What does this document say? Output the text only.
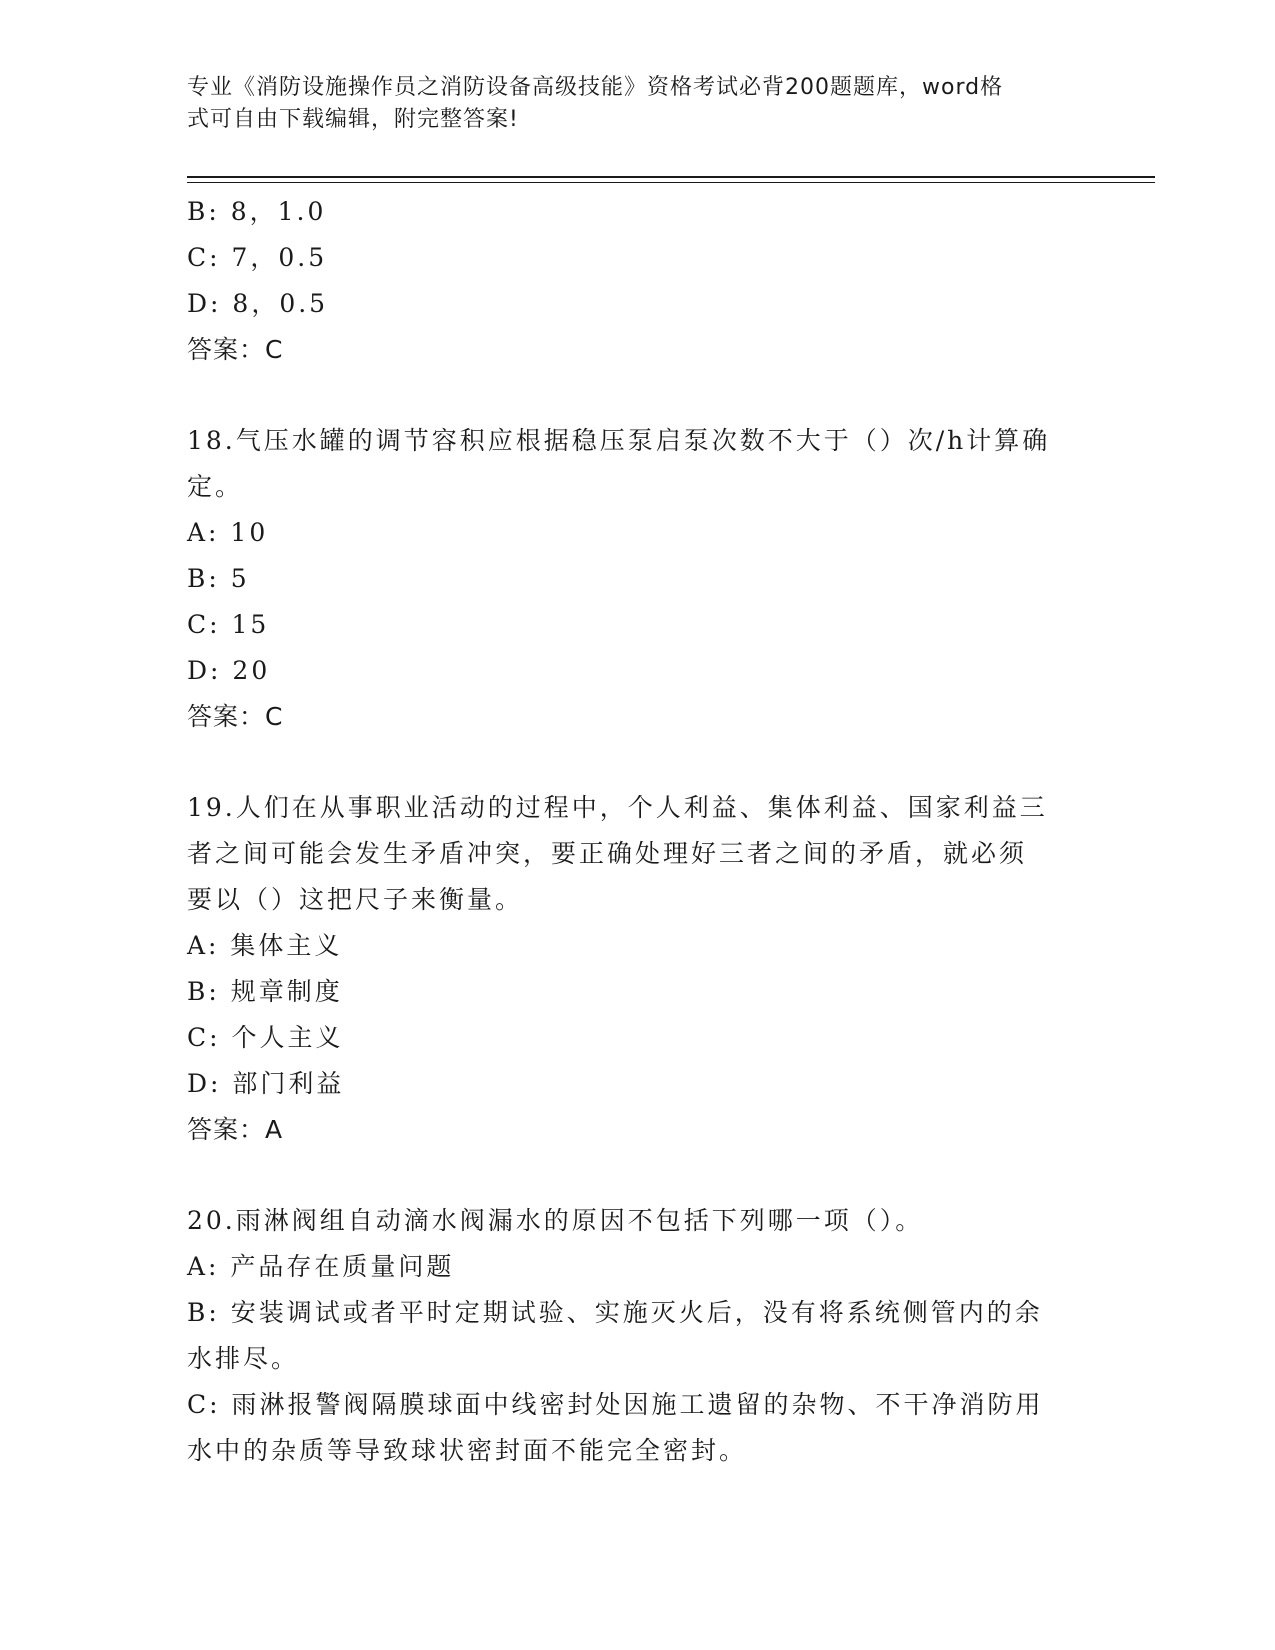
专业《消防设施操作员之消防设备高级技能》资格考试必背200题题库，word格
式可自由下载编辑，附完整答案!
B: 8，1.0
C: 7，0.5
D: 8，0.5
答案：C
18.气压水罐的调节容积应根据稳压泵启泵次数不大于（）次/h计算确
定。
A: 10
B: 5
C: 15
D: 20
答案：C
19.人们在从事职业活动的过程中，个人利益、集体利益、国家利益三
者之间可能会发生矛盾冲突，要正确处理好三者之间的矛盾，就必须
要以（）这把尺子来衡量。
A: 集体主义
B: 规章制度
C: 个人主义
D: 部门利益
答案：A
20.雨淋阀组自动滴水阀漏水的原因不包括下列哪一项（）。
A: 产品存在质量问题
B: 安装调试或者平时定期试验、实施灭火后，没有将系统侧管内的余
水排尽。
C: 雨淋报警阀隔膜球面中线密封处因施工遗留的杂物、不干净消防用
水中的杂质等导致球状密封面不能完全密封。
